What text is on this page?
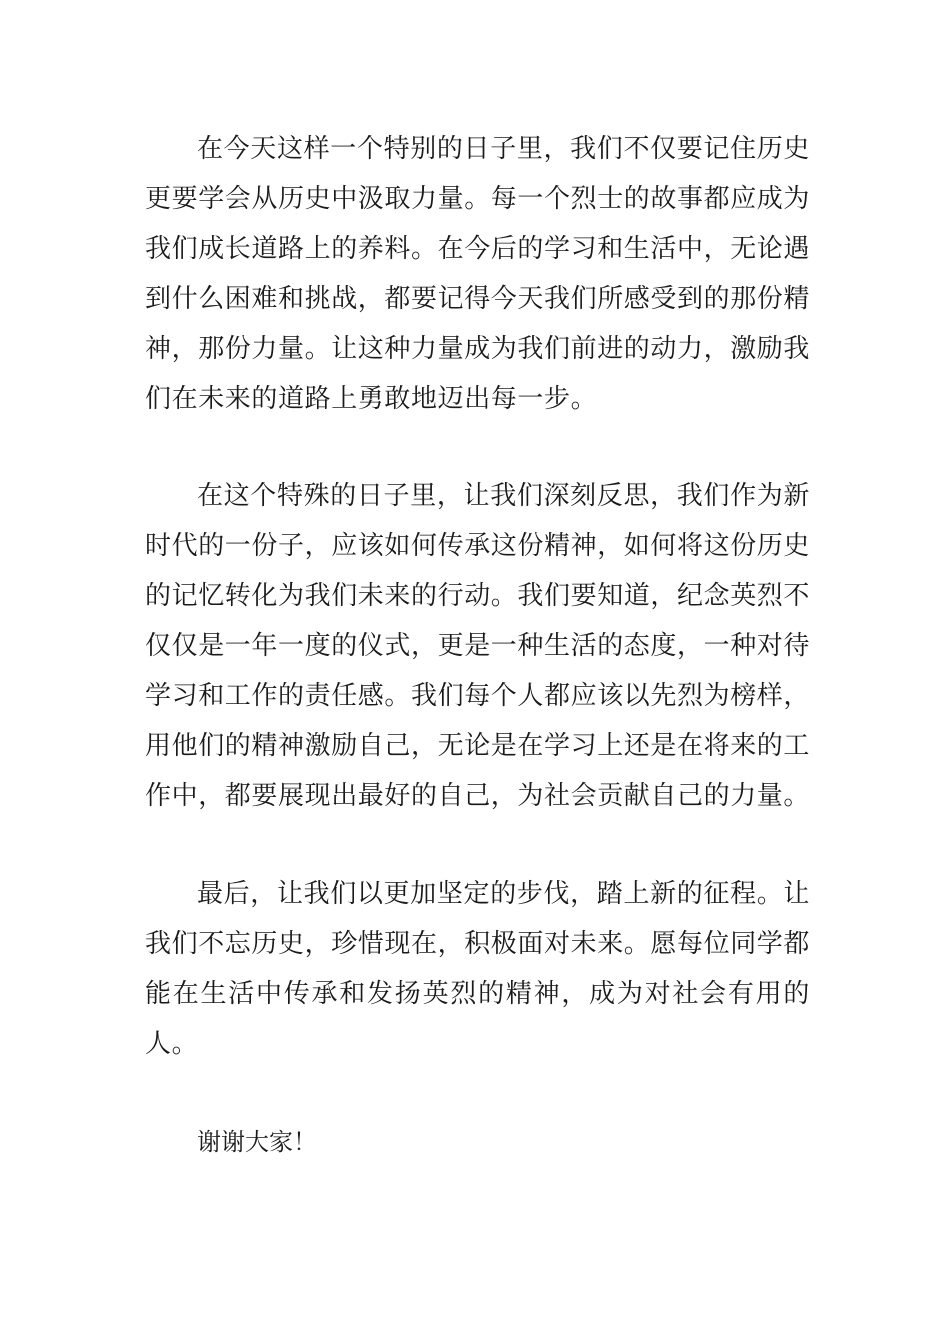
在今天这样一个特别的日子里，我们不仅要记住历史更要学会从历史中汲取力量。每一个烈士的故事都应成为我们成长道路上的养料。在今后的学习和生活中，无论遇到什么困难和挑战，都要记得今天我们所感受到的那份精神，那份力量。让这种力量成为我们前进的动力，激励我们在未来的道路上勇敢地迈出每一步。

在这个特殊的日子里，让我们深刻反思，我们作为新时代的一份子，应该如何传承这份精神，如何将这份历史的记忆转化为我们未来的行动。我们要知道，纪念英烈不仅仅是一年一度的仪式，更是一种生活的态度，一种对待学习和工作的责任感。我们每个人都应该以先烈为榜样，用他们的精神激励自己，无论是在学习上还是在将来的工作中，都要展现出最好的自己，为社会贡献自己的力量。

最后，让我们以更加坚定的步伐，踏上新的征程。让我们不忘历史，珍惜现在，积极面对未来。愿每位同学都能在生活中传承和发扬英烈的精神，成为对社会有用的人。

谢谢大家！
